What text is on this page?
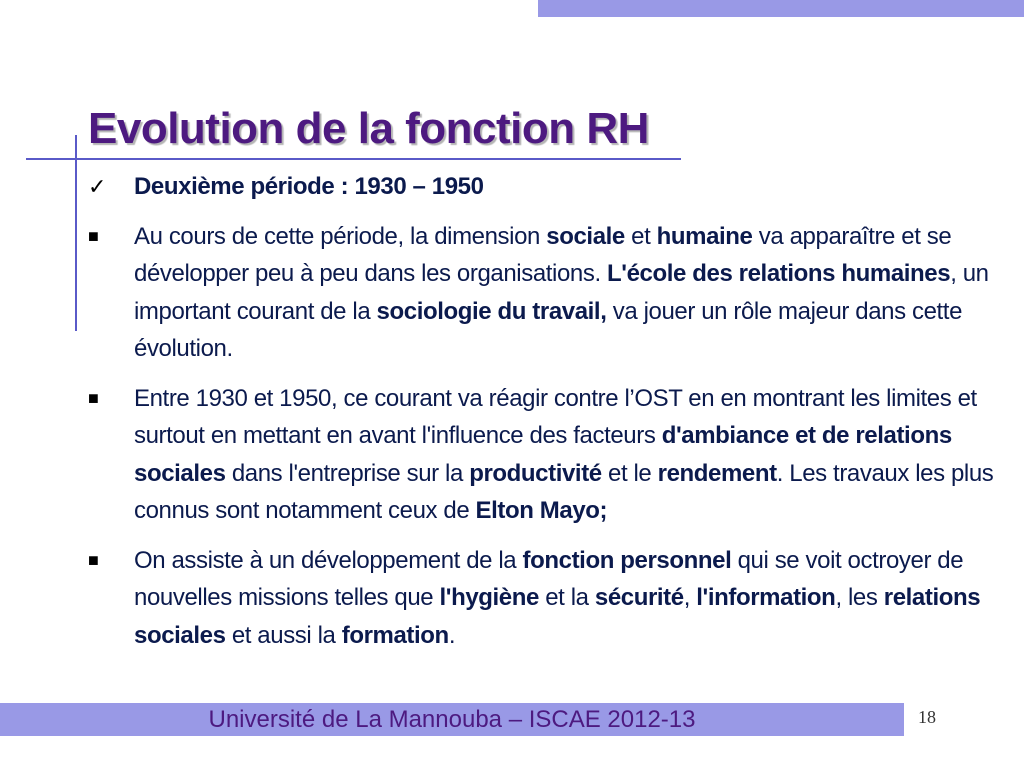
Evolution de la fonction RH
✓ Deuxième période : 1930 – 1950
■ Au cours de cette période, la dimension sociale et humaine va apparaître et se développer peu à peu dans les organisations. L'école des relations humaines, un important courant de la sociologie du travail, va jouer un rôle majeur dans cette évolution.
■ Entre 1930 et 1950, ce courant va réagir contre l’OST en en montrant les limites et surtout en mettant en avant l'influence des facteurs d'ambiance et de relations sociales dans l'entreprise sur la productivité et le rendement. Les travaux les plus connus sont notamment ceux de Elton Mayo;
■ On assiste à un développement de la fonction personnel qui se voit octroyer de nouvelles missions telles que l'hygiène et la sécurité, l'information, les relations sociales et aussi la formation.
Université de La Mannouba – ISCAE 2012-13	18
